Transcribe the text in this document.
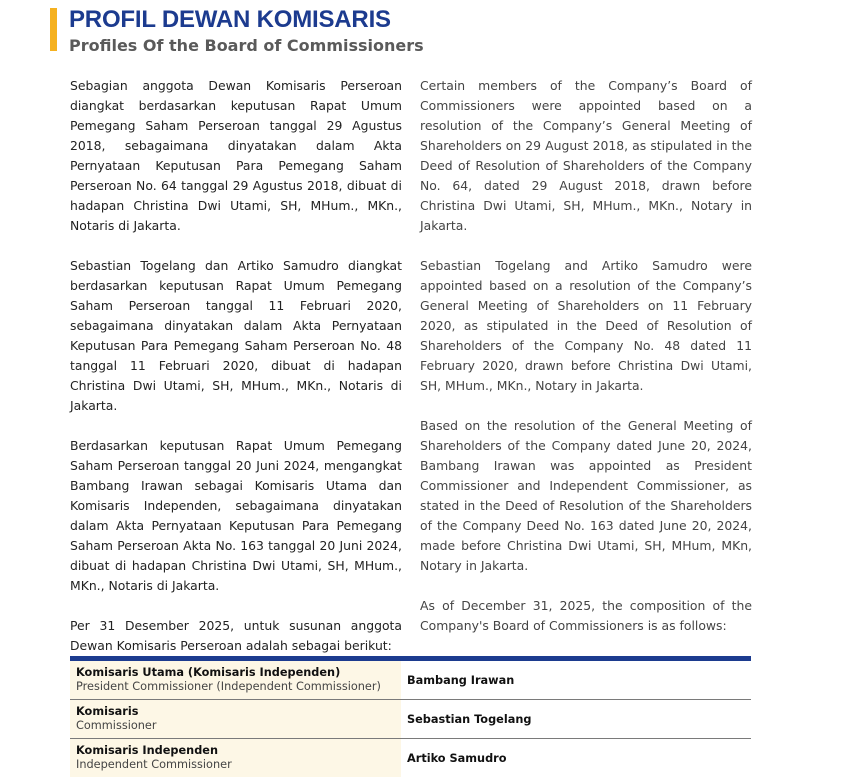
PROFIL DEWAN KOMISARIS
Profiles Of the Board of Commissioners

Sebagian anggota Dewan Komisaris Perseroan diangkat berdasarkan keputusan Rapat Umum Pemegang Saham Perseroan tanggal 29 Agustus 2018, sebagaimana dinyatakan dalam Akta Pernyataan Keputusan Para Pemegang Saham Perseroan No. 64 tanggal 29 Agustus 2018, dibuat di hadapan Christina Dwi Utami, SH, MHum., MKn., Notaris di Jakarta.

Sebastian Togelang dan Artiko Samudro diangkat berdasarkan keputusan Rapat Umum Pemegang Saham Perseroan tanggal 11 Februari 2020, sebagaimana dinyatakan dalam Akta Pernyataan Keputusan Para Pemegang Saham Perseroan No. 48 tanggal 11 Februari 2020, dibuat di hadapan Christina Dwi Utami, SH, MHum., MKn., Notaris di Jakarta.

Berdasarkan keputusan Rapat Umum Pemegang Saham Perseroan tanggal 20 Juni 2024, mengangkat Bambang Irawan sebagai Komisaris Utama dan Komisaris Independen, sebagaimana dinyatakan dalam Akta Pernyataan Keputusan Para Pemegang Saham Perseroan Akta No. 163 tanggal 20 Juni 2024, dibuat di hadapan Christina Dwi Utami, SH, MHum., MKn., Notaris di Jakarta.

Per 31 Desember 2025, untuk susunan anggota Dewan Komisaris Perseroan adalah sebagai berikut:

Certain members of the Company’s Board of Commissioners were appointed based on a resolution of the Company’s General Meeting of Shareholders on 29 August 2018, as stipulated in the Deed of Resolution of Shareholders of the Company No. 64, dated 29 August 2018, drawn before Christina Dwi Utami, SH, MHum., MKn., Notary in Jakarta.

Sebastian Togelang and Artiko Samudro were appointed based on a resolution of the Company’s General Meeting of Shareholders on 11 February 2020, as stipulated in the Deed of Resolution of Shareholders of the Company No. 48 dated 11 February 2020, drawn before Christina Dwi Utami, SH, MHum., MKn., Notary in Jakarta.

Based on the resolution of the General Meeting of Shareholders of the Company dated June 20, 2024, Bambang Irawan was appointed as President Commissioner and Independent Commissioner, as stated in the Deed of Resolution of the Shareholders of the Company Deed No. 163 dated June 20, 2024, made before Christina Dwi Utami, SH, MHum, MKn, Notary in Jakarta.

As of December 31, 2025, the composition of the Company's Board of Commissioners is as follows:

Komisaris Utama (Komisaris Independen)
President Commissioner (Independent Commissioner)	Bambang Irawan
Komisaris
Commissioner	Sebastian Togelang
Komisaris Independen
Independent Commissioner	Artiko Samudro
